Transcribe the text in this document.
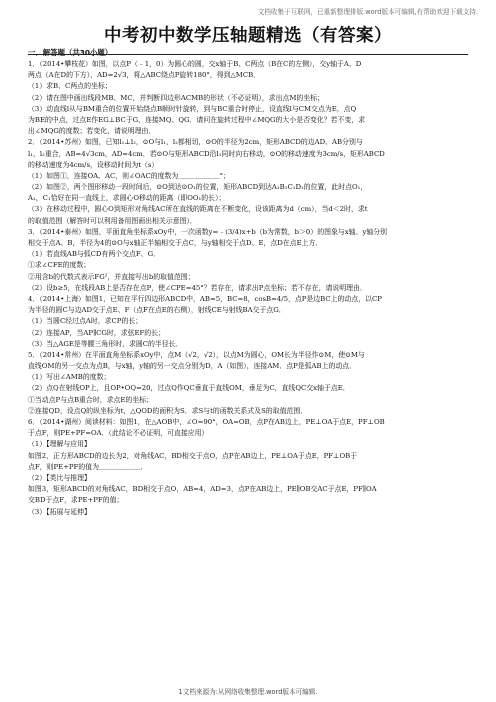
文档收集于互联网，已重新整理排版.word版本可编辑,有帮助欢迎下载支持.
中考初中数学压轴题精选（有答案）
一．解答题（共30小题）
1．（2014•攀枝花）如图，以点P（﹣1，0）为圆心的圆，交x轴于B、C两点（B在C的左侧），交y轴于A、D
两点（A在D的下方），AD=2√3，将△ABC绕点P旋转180°，得到△MCB．
（1）求B、C两点的坐标；
（2）请在图中画出线段MB、MC，并判断四边形ACMB的形状（不必证明），求出点M的坐标；
（3）动直线l从与BM重合的位置开始绕点B顺时针旋转，到与BC重合时停止，设直线l与CM交点为E，点Q
为BE的中点，过点E作EG⊥BC于G，连接MQ、QG．请问在旋转过程中∠MQG的大小是否变化？若不变，求
出∠MQG的度数；若变化，请说明理由．
2．（2014•苏州）如图，已知l₁⊥l₂，⊙O与l₁，l₂都相切，⊙O的半径为2cm，矩形ABCD的边AD、AB分别与
l₁，l₂重合，AB=4√3cm，AD=4cm．若⊙O与矩形ABCD沿l₁同时向右移动，⊙O的移动速度为3cm/s，矩形ABCD
的移动速度为4cm/s，设移动时间为t（s）
（1）如图①，连接OA、AC，则∠OAC的度数为＿＿＿＿＿＿°；
（2）如图②，两个图形移动一段时间后，⊙O到达⊙O₁的位置，矩形ABCD到达A₁B₁C₁D₁的位置，此时点O₁，
A₁，C₁恰好在同一直线上，求圆心O移动的距离（即OO₁的长）；
（3）在移动过程中，圆心O到矩形对角线AC所在直线的距离在不断变化，设该距离为d（cm），当d＜2时，求t
的取值范围（解答时可以利用备用图画出相关示意图）．
3．（2014•泰州）如图，平面直角坐标系xOy中，一次函数y=﹣(3/4)x+b（b为常数，b＞0）的图象与x轴、y轴分别
相交于点A、B，半径为4的⊙O与x轴正半轴相交于点C，与y轴相交于点D、E，点D在点E上方．
（1）若直线AB与弧CD有两个交点F、G．
①求∠CFE的度数；
②用含b的代数式表示FG²，并直接写出b的取值范围；
（2）设b≥5，在线段AB上是否存在点P，使∠CPE=45°？若存在，请求出P点坐标；若不存在，请说明理由．
4．（2014•上海）如图1，已知在平行四边形ABCD中，AB=5，BC=8，cosB=4/5，点P是边BC上的动点，以CP
为半径的圆C与边AD交于点E、F（点F在点E的右侧），射线CE与射线BA交于点G．
（1）当圆C经过点A时，求CP的长；
（2）连接AP，当AP∥CG时，求弦EF的长；
（3）当△AGE是等腰三角形时，求圆C的半径长．
5．（2014•常州）在平面直角坐标系xOy中，点M（√2，√2），以点M为圆心，OM长为半径作⊙M，使⊙M与
直线OM的另一交点为点B，与x轴，y轴的另一交点分别为D，A（如图），连接AM．点P是弧AB上的动点．
（1）写出∠AMB的度数；
（2）点Q在射线OP上，且OP•OQ=20，过点Q作QC垂直于直线OM，垂足为C，直线QC交x轴于点E．
①当动点P与点B重合时，求点E的坐标；
②连接QD，设点Q的纵坐标为t，△QOD的面积为S．求S与t的函数关系式及S的取值范围．
6．（2014•湖州）阅读材料：如图1，在△AOB中，∠O=90°，OA=OB，点P在AB边上，PE⊥OA于点E，PF⊥OB
于点F，则PE+PF=OA．（此结论不必证明，可直接应用）
（1）【理解与应用】
如图2，正方形ABCD的边长为2，对角线AC，BD相交于点O，点P在AB边上，PE⊥OA于点E，PF⊥OB于
点F，则PE+PF的值为＿＿＿＿＿＿．
（2）【类比与推理】
如图3，矩形ABCD的对角线AC，BD相交于点O，AB=4，AD=3，点P在AB边上，PE∥OB交AC于点E，PF∥OA
交BD于点F，求PE+PF的值；
（3）【拓展与延伸】
1文档来源为:从网络收集整理.word版本可编辑.
